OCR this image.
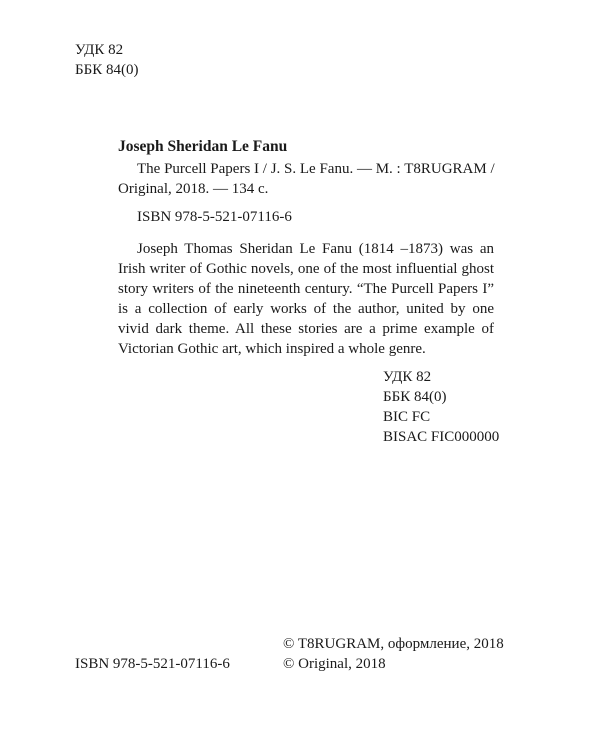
УДК 82
ББК 84(0)
Joseph Sheridan Le Fanu
The Purcell Papers I / J. S. Le Fanu. — M. : T8RUGRAM /
Original, 2018. — 134 с.
ISBN 978-5-521-07116-6
Joseph Thomas Sheridan Le Fanu (1814 –1873) was an Irish writer of Gothic novels, one of the most influential ghost story writers of the nineteenth century. “The Purcell Papers I” is a collection of early works of the author, united by one vivid dark theme. All these stories are a prime example of Victorian Gothic art, which inspired a whole genre.
УДК 82
ББК 84(0)
BIC FC
BISAC FIC000000
© T8RUGRAM, оформление, 2018
© Original, 2018
ISBN 978-5-521-07116-6
